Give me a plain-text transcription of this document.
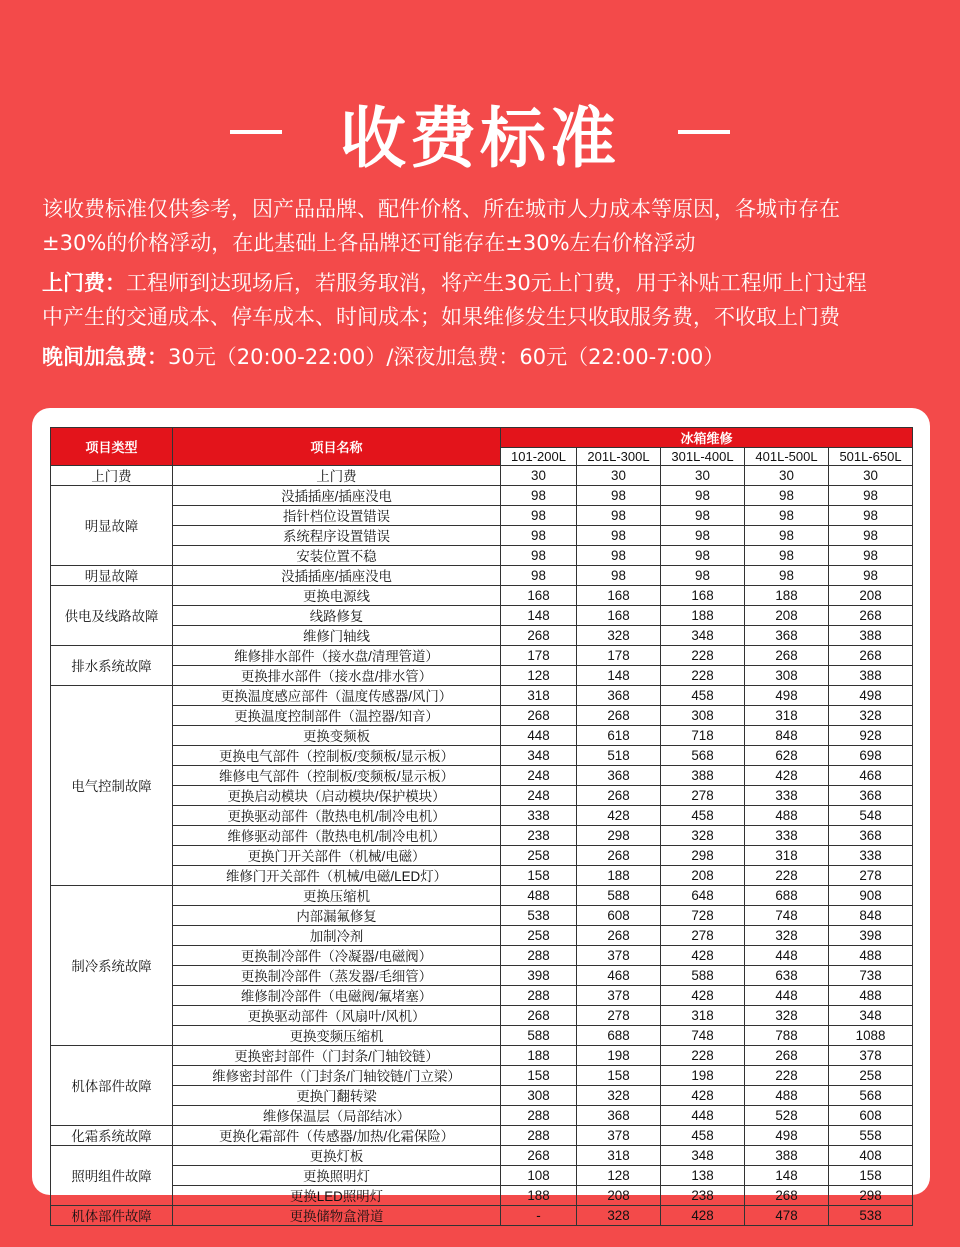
收费标准

该收费标准仅供参考，因产品品牌、配件价格、所在城市人力成本等原因，各城市存在

±30%的价格浮动，在此基础上各品牌还可能存在±30%左右价格浮动

上门费：工程师到达现场后，若服务取消，将产生30元上门费，用于补贴工程师上门过程

中产生的交通成本、停车成本、时间成本；如果维修发生只收取服务费，不收取上门费

晚间加急费：30元（20:00-22:00）/深夜加急费：60元（22:00-7:00）

项目类型	项目名称	冰箱维修				
		101-200L	201L-300L	301L-400L	401L-500L	501L-650L
上门费	上门费	30	30	30	30	30
明显故障	没插插座/插座没电	98	98	98	98	98
	指针档位设置错误	98	98	98	98	98
	系统程序设置错误	98	98	98	98	98
	安装位置不稳	98	98	98	98	98
明显故障	没插插座/插座没电	98	98	98	98	98
供电及线路故障	更换电源线	168	168	168	188	208
	线路修复	148	168	188	208	268
	维修门轴线	268	328	348	368	388
排水系统故障	维修排水部件（接水盘/清理管道）	178	178	228	268	268
	更换排水部件（接水盘/排水管）	128	148	228	308	388
电气控制故障	更换温度感应部件（温度传感器/风门）	318	368	458	498	498
	更换温度控制部件（温控器/知音）	268	268	308	318	328
	更换变频板	448	618	718	848	928
	更换电气部件（控制板/变频板/显示板）	348	518	568	628	698
	维修电气部件（控制板/变频板/显示板）	248	368	388	428	468
	更换启动模块（启动模块/保护模块）	248	268	278	338	368
	更换驱动部件（散热电机/制冷电机）	338	428	458	488	548
	维修驱动部件（散热电机/制冷电机）	238	298	328	338	368
	更换门开关部件（机械/电磁）	258	268	298	318	338
	维修门开关部件（机械/电磁/LED灯）	158	188	208	228	278
制冷系统故障	更换压缩机	488	588	648	688	908
	内部漏氟修复	538	608	728	748	848
	加制冷剂	258	268	278	328	398
	更换制冷部件（冷凝器/电磁阀）	288	378	428	448	488
	更换制冷部件（蒸发器/毛细管）	398	468	588	638	738
	维修制冷部件（电磁阀/氟堵塞）	288	378	428	448	488
	更换驱动部件（风扇叶/风机）	268	278	318	328	348
	更换变频压缩机	588	688	748	788	1088
机体部件故障	更换密封部件（门封条/门轴铰链）	188	198	228	268	378
	维修密封部件（门封条/门轴铰链/门立梁）	158	158	198	228	258
	更换门翻转梁	308	328	428	488	568
	维修保温层（局部结冰）	288	368	448	528	608
化霜系统故障	更换化霜部件（传感器/加热/化霜保险）	288	378	458	498	558
照明组件故障	更换灯板	268	318	348	388	408
	更换照明灯	108	128	138	148	158
	更换LED照明灯	188	208	238	268	298
机体部件故障	更换储物盒滑道	-	328	428	478	538
